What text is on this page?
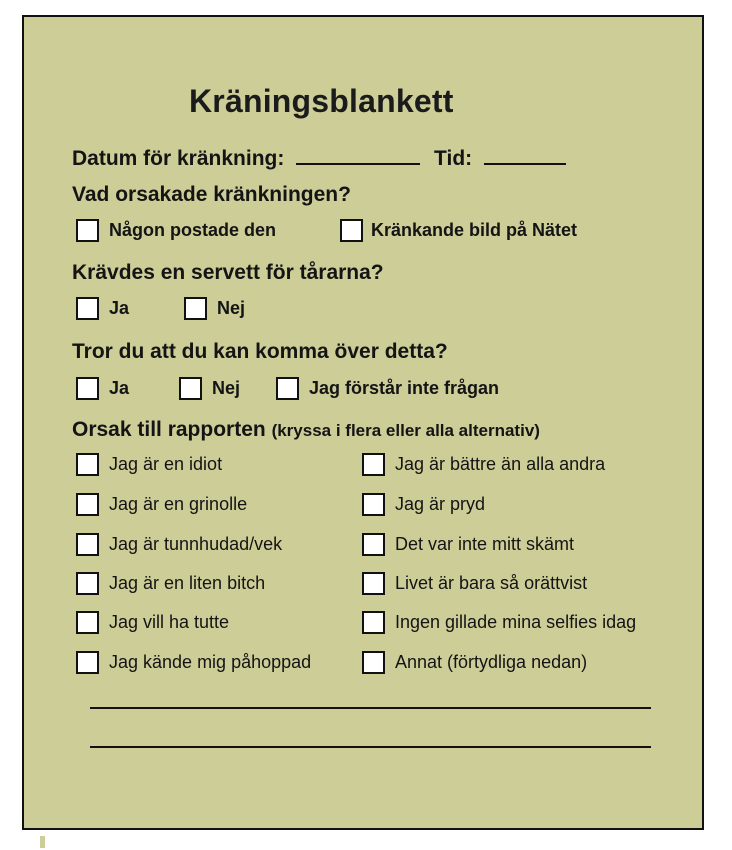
Kräningsblankett
Datum för kränkning:	Tid:
Vad orsakade kränkningen?
Någon postade den	Kränkande bild på Nätet
Krävdes en servett för tårarna?
Ja	Nej
Tror du att du kan komma över detta?
Ja	Nej	Jag förstår inte frågan
Orsak till rapporten (kryssa i flera eller alla alternativ)
Jag är en idiot
Jag är en grinolle
Jag är tunnhudad/vek
Jag är en liten bitch
Jag vill ha tutte
Jag kände mig påhoppad
Jag är bättre än alla andra
Jag är pryd
Det var inte mitt skämt
Livet är bara så orättvist
Ingen gillade mina selfies idag
Annat (förtydliga nedan)
